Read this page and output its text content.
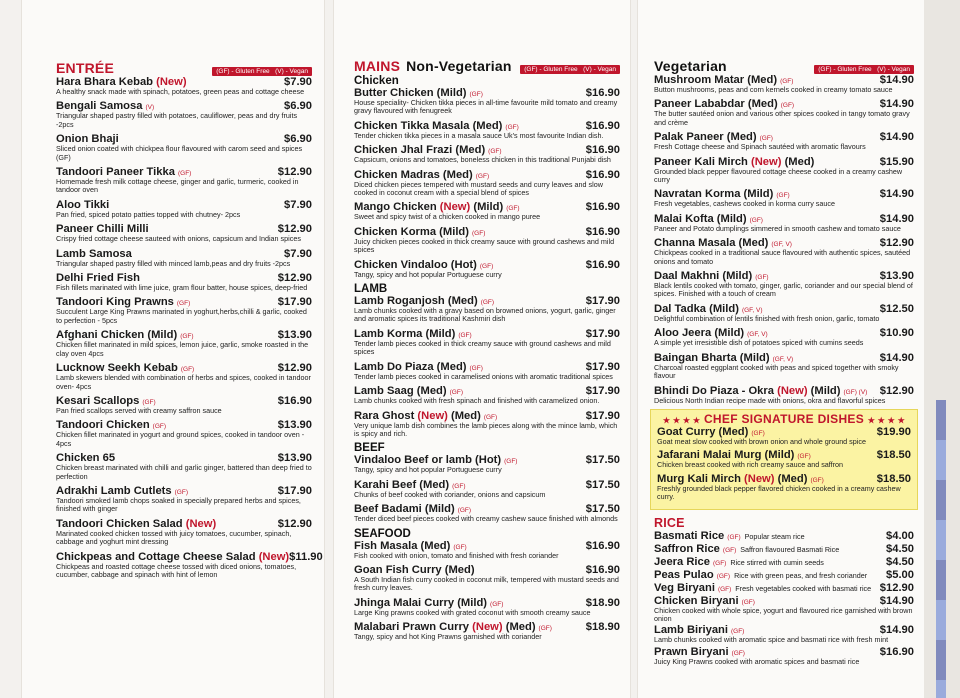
ENTRÉE	(GF) - Gluten Free (V) - Vegan
Hara Bhara Kebab (New)	$7.90
A healthy snack made with spinach, potatoes, green peas and cottage cheese
Bengali Samosa (V)	$6.90
Triangular shaped pastry filled with potatoes, cauliflower, peas and dry fruits -2pcs
Onion Bhaji	$6.90
Sliced onion coated with chickpea flour flavoured with carom seed and spices (GF)
Tandoori Paneer Tikka (GF)	$12.90
Homemade fresh milk cottage cheese, ginger and garlic, turmeric, cooked in tandoor oven
Aloo Tikki	$7.90
Pan fried, spiced potato patties topped with chutney- 2pcs
Paneer Chilli Milli	$12.90
Crispy fried cottage cheese sauteed with onions, capsicum and Indian spices
Lamb Samosa	$7.90
Triangular shaped pastry filled with minced lamb,peas and dry fruits -2pcs
Delhi Fried Fish	$12.90
Fish fillets marinated with lime juice, gram flour batter, house spices, deep-fried
Tandoori King Prawns (GF)	$17.90
Succulent Large King Prawns marinated in yoghurt,herbs,chilli & garlic, cooked to perfection - 5pcs
Afghani Chicken (Mild) (GF)	$13.90
Chicken fillet marinated in mild spices, lemon juice, garlic, smoke roasted in the clay oven 4pcs
Lucknow Seekh Kebab (GF)	$12.90
Lamb skewers blended with combination of herbs and spices, cooked in tandoor oven- 4pcs
Kesari Scallops (GF)	$16.90
Pan fried scallops served with creamy saffron sauce
Tandoori Chicken (GF)	$13.90
Chicken fillet marinated in yogurt and ground spices, cooked in tandoor oven - 4pcs
Chicken 65	$13.90
Chicken breast marinated with chilli and garlic ginger, battered than deep fried to perfection
Adrakhi Lamb Cutlets (GF)	$17.90
Tandoori smoked lamb chops soaked in specially prepared herbs and spices, finished with ginger
Tandoori Chicken Salad (New)	$12.90
Marinated cooked chicken tossed with juicy tomatoes, cucumber, spinach, cabbage and yoghurt mint dressing
Chickpeas and Cottage Cheese Salad (New) $11.90
Chickpeas and roasted cottage cheese tossed with diced onions, tomatoes, cucumber, cabbage and spinach with hint of lemon
MAINS Non-Vegetarian	(GF) - Gluten Free (V) - Vegan
Chicken
Butter Chicken (Mild) (GF)	$16.90
House speciality- Chicken tikka pieces in all-time favourite mild tomato and creamy gravy flavoured with fenugreek
Chicken Tikka Masala (Med) (GF)	$16.90
Tender chicken tikka pieces in a masala sauce Uk's most favourite Indian dish.
Chicken Jhal Frazi (Med) (GF)	$16.90
Capsicum, onions and tomatoes, boneless chicken in this traditional Punjabi dish
Chicken Madras (Med) (GF)	$16.90
Diced chicken pieces tempered with mustard seeds and curry leaves and slow cooked in coconut cream with a special blend of spices
Mango Chicken (New) (Mild) (GF)	$16.90
Sweet and spicy twist of a chicken cooked in mango puree
Chicken Korma (Mild) (GF)	$16.90
Juicy chicken pieces cooked in thick creamy sauce with ground cashews and mild spices
Chicken Vindaloo (Hot) (GF)	$16.90
Tangy, spicy and hot popular Portuguese curry
LAMB
Lamb Roganjosh (Med) (GF)	$17.90
Lamb chunks cooked with a gravy based on browned onions, yogurt, garlic, ginger and aromatic spices its traditional Kashmiri dish
Lamb Korma (Mild) (GF)	$17.90
Tender lamb pieces cooked in thick creamy sauce with ground cashews and mild spices
Lamb Do Piaza (Med) (GF)	$17.90
Tender lamb pieces cooked in caramelised onions with aromatic traditional spices
Lamb Saag (Med) (GF)	$17.90
Lamb chunks cooked with fresh spinach and finished with caramelized onion.
Rara Ghost (New) (Med) (GF)	$17.90
Very unique lamb dish combines the lamb pieces along with the mince lamb, which is spicy and rich.
BEEF
Vindaloo Beef or lamb (Hot) (GF)	$17.50
Tangy, spicy and hot popular Portuguese curry
Karahi Beef (Med) (GF)	$17.50
Chunks of beef cooked with coriander, onions and capsicum
Beef Badami (Mild) (GF)	$17.50
Tender diced beef pieces cooked with creamy cashew sauce finished with almonds
SEAFOOD
Fish Masala (Med) (GF)	$16.90
Fish cooked with onion, tomato and finished with fresh coriander
Goan Fish Curry (Med)	$16.90
A South Indian fish curry cooked in coconut milk, tempered with mustard seeds and fresh curry leaves.
Jhinga Malai Curry (Mild) (GF)	$18.90
Large King prawns cooked with grated coconut with smooth creamy sauce
Malabari Prawn Curry (New) (Med) (GF)	$18.90
Tangy, spicy and hot King Prawns garnished with coriander
Vegetarian	(GF) - Gluten Free (V) - Vegan
Mushroom Matar (Med) (GF)	$14.90
Button mushrooms, peas and corn kernels cooked in creamy tomato sauce
Paneer Lababdar (Med) (GF)	$14.90
The butter sautéed onion and various other spices cooked in tangy tomato gravy and crème
Palak Paneer (Med) (GF)	$14.90
Fresh Cottage cheese and Spinach sautéed with aromatic flavours
Paneer Kali Mirch (New) (Med)	$15.90
Grounded black pepper flavoured cottage cheese cooked in a creamy cashew curry
Navratan Korma (Mild) (GF)	$14.90
Fresh vegetables, cashews cooked in korma curry sauce
Malai Kofta (Mild) (GF)	$14.90
Paneer and Potato dumplings simmered in smooth cashew and tomato sauce
Channa Masala (Med) (GF, V)	$12.90
Chickpeas cooked in a traditional sauce flavoured with authentic spices, sautéed onions and tomato
Daal Makhni (Mild) (GF)	$13.90
Black lentils cooked with tomato, ginger, garlic, coriander and our special blend of spices. Finished with a touch of cream
Dal Tadka (Mild) (GF, V)	$12.50
Delightful combination of lentils finished with fresh onion, garlic, tomato
Aloo Jeera (Mild) (GF, V)	$10.90
A simple yet irresistible dish of potatoes spiced with cumins seeds
Baingan Bharta (Mild) (GF, V)	$14.90
Charcoal roasted eggplant cooked with peas and spiced together with smoky flavour
Bhindi Do Piaza - Okra (New) (Mild) (GF) (V) $12.90
Delicious North Indian recipe made with onions, okra and flavorful spices
★ ★ ★ ★ CHEF SIGNATURE DISHES ★ ★ ★ ★
Goat Curry (Med) (GF)	$19.90
Goat meat slow cooked with brown onion and whole ground spice
Jafarani Malai Murg (Mild) (GF)	$18.50
Chicken breast cooked with rich creamy sauce and saffron
Murg Kali Mirch (New) (Med) (GF)	$18.50
Freshly grounded black pepper flavored chicken cooked in a creamy cashew curry.
RICE
Basmati Rice (GF) Popular steam rice	$4.00
Saffron Rice (GF) Saffron flavoured Basmati Rice	$4.50
Jeera Rice (GF) Rice stirred with cumin seeds	$4.50
Peas Pulao (GF) Rice with green peas, and fresh coriander	$5.00
Veg Biryani (GF) Fresh vegetables cooked with basmati rice $12.90
Chicken Biryani (GF)	$14.90
Chicken cooked with whole spice, yogurt and flavoured rice garnished with brown onion
Lamb Biriyani (GF)	$14.90
Lamb chunks cooked with aromatic spice and basmati rice with fresh mint
Prawn Biryani (GF)	$16.90
Juicy King Prawns cooked with aromatic spices and basmati rice
